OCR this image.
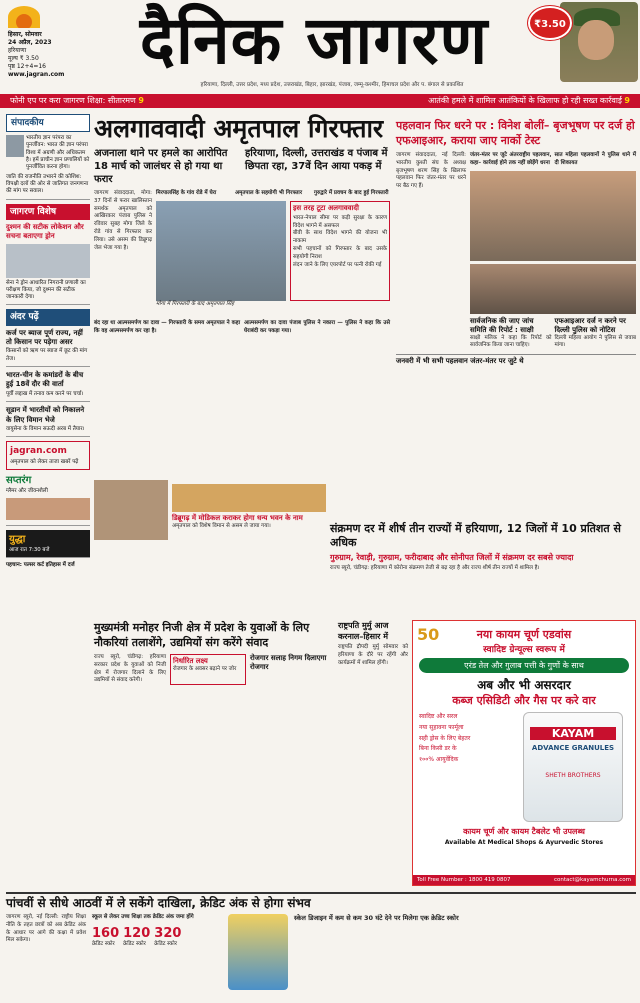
हिसार, सोमवार
24 अप्रैल, 2023
हरियाणा
मूल्य ₹ 3.50
पृष्ठ 12+4=16
www.jagran.com	दैनिक जागरण	₹3.50
हरियाणा, दिल्ली, उत्तर प्रदेश, मध्य प्रदेश, उत्तराखंड, बिहार, झारखंड, पंजाब, जम्मू-कश्मीर, हिमाचल प्रदेश और प. बंगाल से प्रकाशित
फोनी एप पर करा जागरण शिक्षा: सीतारमण 9	आतंकी हमले में शामिल आतंकियों के खिलाफ हो रही सख्त कार्रवाई 9
संपादकीय
भारतीय ज्ञान परंपरा का पुनर्जीवन: भारत की ज्ञान परंपरा विश्व में अग्रणी और अधिकतम है। हमें प्राचीन ज्ञान प्रणालियों को पुनर्जीवित करना होगा।
जाति की राजनीति उभारने की कोशिश: विपक्षी दलों की ओर से जातिगत जनगणना की मांग पर सवाल।
जागरण विशेष
दुश्मन की सटीक लोकेशन और सचना बताएगा ड्रोन
सेना ने ड्रोन आधारित निगरानी प्रणाली का परीक्षण किया, जो दुश्मन की सटीक जानकारी देगा।
अंदर पढ़ें
कर्ज पर ब्याज पूर्ण राज्य, नहीं तो किसान पर पड़ेगा असर
किसानों को ऋण पर ब्याज में छूट की मांग तेज।
भारत-चीन के कमांडरों के बीच हुई 18वें दौर की वार्ता
पूर्वी लद्दाख में तनाव कम करने पर चर्चा।
सूडान में भारतीयों को निकालने के लिए विमान भेजे
वायुसेना के विमान सऊदी अरब में तैयार।
jagran.com
अमृतपाल को लेकर ताजा खबरें पढ़ें
सप्तरंग
ग्लैमर और जीवनशैली
युद्धा
आज रात 7:30 बजे
पहचान: पल्सर कर्ट इतिहास में दर्ज
अलगाववादी अमृतपाल गिरफ्तार
अजनाला थाने पर हमले का आरोपित 18 मार्च को जालंधर से हो गया था फरार
हरियाणा, दिल्ली, उत्तराखंड व पंजाब में छिपता रहा, 37वें दिन आया पकड़ में
जागरण संवाददाता, मोगा: 37 दिनों से फरार खालिस्तान समर्थक अमृतपाल को आखिरकार पंजाब पुलिस ने रविवार सुबह मोगा जिले के रोडे गांव से गिरफ्तार कर लिया। उसे असम की डिब्रूगढ़ जेल भेजा गया है।
मिरपालसिंह के गांव रोडे में घेरा	अमृतपाल के सहयोगी भी गिरफ्तार	गुरुद्वारे में प्रवचन के बाद हुई गिरफ्तारी
इस तरह टूटा अलगाववादी
भारत-नेपाल सीमा पर कड़ी सुरक्षा के कारण विदेश भागने में असफल
बीवी के साथ विदेश भागने की योजना भी नाकाम
सभी पहचानों को गिरफ्तार के बाद उसके सहयोगी निराश
लंदन जाने के लिए एयरपोर्ट पर पत्नी रोकी गई
मोगा में गिरफ्तारी के बाद अमृतपाल सिंह
बंद रहा था आत्मसमर्पण का दावा — गिरफ्तारी के समय अमृतपाल ने कहा कि वह आत्मसमर्पण कर रहा है।
आत्मसमर्पण का दावा पंजाब पुलिस ने नकारा — पुलिस ने कहा कि उसे घेराबंदी कर पकड़ा गया।
पहलवान फिर धरने पर : विनेश बोलीं– बृजभूषण पर दर्ज हो एफआइआर, कराया जाए नार्को टेस्ट
जागरण संवाददाता, नई दिल्ली: भारतीय कुश्ती संघ के अध्यक्ष बृजभूषण शरण सिंह के खिलाफ पहलवान फिर जंतर-मंतर पर धरने पर बैठ गए हैं।
जंतर-मंतर पर जुटे अंतरराष्ट्रीय पहलवान, कहा– कार्रवाई होने तक नहीं छोड़ेंगे धरना
सात महिला पहलवानों ने पुलिस थाने में दी शिकायत
सार्वजनिक की जाए जांच समिति की रिपोर्ट : साक्षी
साक्षी मलिक ने कहा कि रिपोर्ट को सार्वजनिक किया जाना चाहिए।
एफआइआर दर्ज न करने पर दिल्ली पुलिस को नोटिस
दिल्ली महिला आयोग ने पुलिस से जवाब मांगा।
जनवरी में भी सभी पहलवान जंतर-मंतर पर जुटे थे
डिब्रूगढ़ में मोडिकल कराकर होगा धन्य भवन के नाम
अमृतपाल को विशेष विमान से असम ले जाया गया।	संक्रमण दर में शीर्ष तीन राज्यों में हरियाणा, 12 जिलों में 10 प्रतिशत से अधिक
गुरुग्राम, रेवाड़ी, गुरुग्राम, फरीदाबाद और सोनीपत जिलों में संक्रमण दर सबसे ज्यादा
राज्य ब्यूरो, चंडीगढ़: हरियाणा में कोरोना संक्रमण तेजी से बढ़ रहा है और राज्य शीर्ष तीन राज्यों में शामिल है।
मुख्यमंत्री मनोहर निजी क्षेत्र में प्रदेश के युवाओं के लिए नौकरियां तलाशेंगे, उद्यमियों संग करेंगे संवाद
राज्य ब्यूरो, चंडीगढ़: हरियाणा सरकार प्रदेश के युवाओं को निजी क्षेत्र में रोजगार दिलाने के लिए उद्यमियों से संवाद करेगी।
निर्धारित लक्ष्य
रोजगार के अवसर बढ़ाने पर जोर
रोजगार सलाह निगम दिलाएगा रोजगार
राष्ट्रपति मुर्मु आज करनाल–हिसार में
राष्ट्रपति द्रौपदी मुर्मु सोमवार को हरियाणा के दौरे पर रहेंगी और कार्यक्रमों में शामिल होंगी।
50	नया कायम चूर्ण एडवांस
स्वादिष्ट ग्रेन्यूल्स स्वरूप में
एरंड तेल और गुलाब पत्ती के गुणों के साथ
अब और भी असरदार
कब्ज एसिडिटी और गैस पर करे वार
स्वादिष्ट और सरल
नया सुहावना फार्मूला
सही ड्रोस के लिए बेहतर
बिना किसी डर के
१००% आयुर्वेदिक
KAYAM
ADVANCE GRANULES
SHETH BROTHERS
कायम चूर्ण और कायम टैबलेट भी उपलब्ध
Available At Medical Shops & Ayurvedic Stores
Toll Free Number : 1800 419 0807	contact@kayamchurna.com
पांचवीं से सीधे आठवीं में ले सकेंगे दाखिला, क्रेडिट अंक से होगा संभव
जागरण ब्यूरो, नई दिल्ली: राष्ट्रीय शिक्षा नीति के तहत छात्रों को अब क्रेडिट अंक के आधार पर आगे की कक्षा में प्रवेश मिल सकेगा।
स्कूल से लेकर उच्च शिक्षा तक क्रेडिट अंक जमा होंगे
160
क्रेडिट स्कोर
120
क्रेडिट स्कोर
320
क्रेडिट स्कोर
स्केल डिजाइन में कम से कम 30 घंटे देने पर मिलेगा एक क्रेडिट स्कोर
